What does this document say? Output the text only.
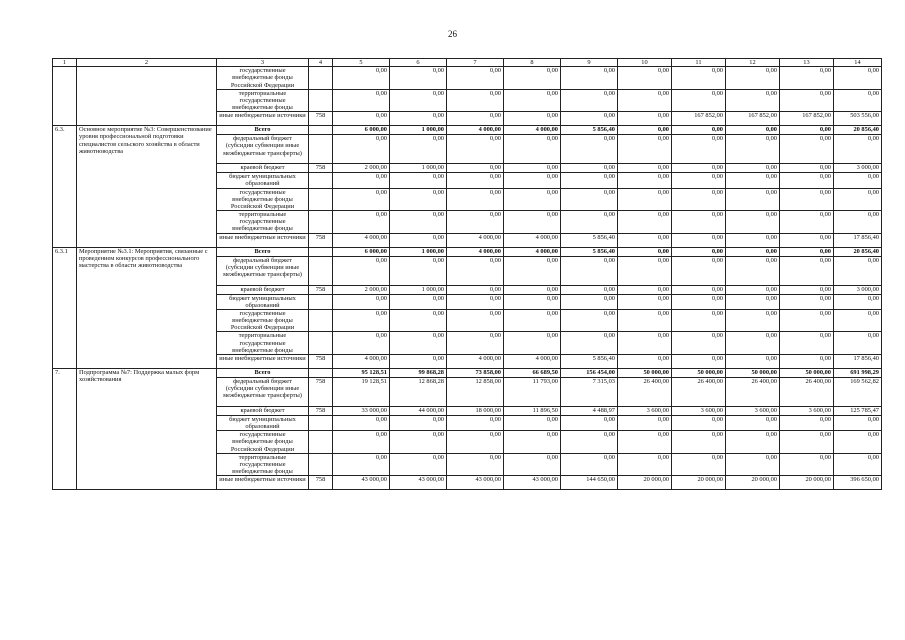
26
1	2	3	4	5	6	7	8	9	10	11	12	13	14
		государственные внебюджетные фонды Российской Федерации		0,00	0,00	0,00	0,00	0,00	0,00	0,00	0,00	0,00	0,00
		территориальные государственные внебюджетные фонды		0,00	0,00	0,00	0,00	0,00	0,00	0,00	0,00	0,00	0,00
		иные внебюджетные источники	758	0,00	0,00	0,00	0,00	0,00	0,00	167 852,00	167 852,00	167 852,00	503 556,00
6.3.	Основное мероприятие №3: Совершенствование уровня профессиональной подготовки специалистов сельского хозяйства в области животноводства	Всего		6 000,00	1 000,00	4 000,00	4 000,00	5 856,40	0,00	0,00	0,00	0,00	20 856,40
		федеральный бюджет (субсидии субвенции иные межбюджетные трансферты)		0,00	0,00	0,00	0,00	0,00	0,00	0,00	0,00	0,00	0,00
		краевой бюджет	758	2 000,00	1 000,00	0,00	0,00	0,00	0,00	0,00	0,00	0,00	3 000,00
		бюджет муниципальных образований		0,00	0,00	0,00	0,00	0,00	0,00	0,00	0,00	0,00	0,00
		государственные внебюджетные фонды Российской Федерации		0,00	0,00	0,00	0,00	0,00	0,00	0,00	0,00	0,00	0,00
		территориальные государственные внебюджетные фонды		0,00	0,00	0,00	0,00	0,00	0,00	0,00	0,00	0,00	0,00
		иные внебюджетные источники	758	4 000,00	0,00	4 000,00	4 000,00	5 856,40	0,00	0,00	0,00	0,00	17 856,40
6.3.1	Мероприятие №3.1: Мероприятия, связанные с проведением конкурсов профессионального мастерства в области животноводства	Всего		6 000,00	1 000,00	4 000,00	4 000,00	5 856,40	0,00	0,00	0,00	0,00	20 856,40
		федеральный бюджет (субсидии субвенции иные межбюджетные трансферты)		0,00	0,00	0,00	0,00	0,00	0,00	0,00	0,00	0,00	0,00
		краевой бюджет	758	2 000,00	1 000,00	0,00	0,00	0,00	0,00	0,00	0,00	0,00	3 000,00
		бюджет муниципальных образований		0,00	0,00	0,00	0,00	0,00	0,00	0,00	0,00	0,00	0,00
		государственные внебюджетные фонды Российской Федерации		0,00	0,00	0,00	0,00	0,00	0,00	0,00	0,00	0,00	0,00
		территориальные государственные внебюджетные фонды		0,00	0,00	0,00	0,00	0,00	0,00	0,00	0,00	0,00	0,00
		иные внебюджетные источники	758	4 000,00	0,00	4 000,00	4 000,00	5 856,40	0,00	0,00	0,00	0,00	17 856,40
7.	Подпрограмма №7: Поддержка малых форм хозяйствования	Всего		95 128,51	99 868,28	73 858,00	66 689,50	156 454,00	50 000,00	50 000,00	50 000,00	50 000,00	691 998,29
		федеральный бюджет (субсидии субвенции иные межбюджетные трансферты)	758	19 128,51	12 868,28	12 858,00	11 793,00	7 315,03	26 400,00	26 400,00	26 400,00	26 400,00	169 562,82
		краевой бюджет	758	33 000,00	44 000,00	18 000,00	11 896,50	4 488,97	3 600,00	3 600,00	3 600,00	3 600,00	125 785,47
		бюджет муниципальных образований		0,00	0,00	0,00	0,00	0,00	0,00	0,00	0,00	0,00	0,00
		государственные внебюджетные фонды Российской Федерации		0,00	0,00	0,00	0,00	0,00	0,00	0,00	0,00	0,00	0,00
		территориальные государственные внебюджетные фонды		0,00	0,00	0,00	0,00	0,00	0,00	0,00	0,00	0,00	0,00
		иные внебюджетные источники	758	43 000,00	43 000,00	43 000,00	43 000,00	144 650,00	20 000,00	20 000,00	20 000,00	20 000,00	396 650,00
